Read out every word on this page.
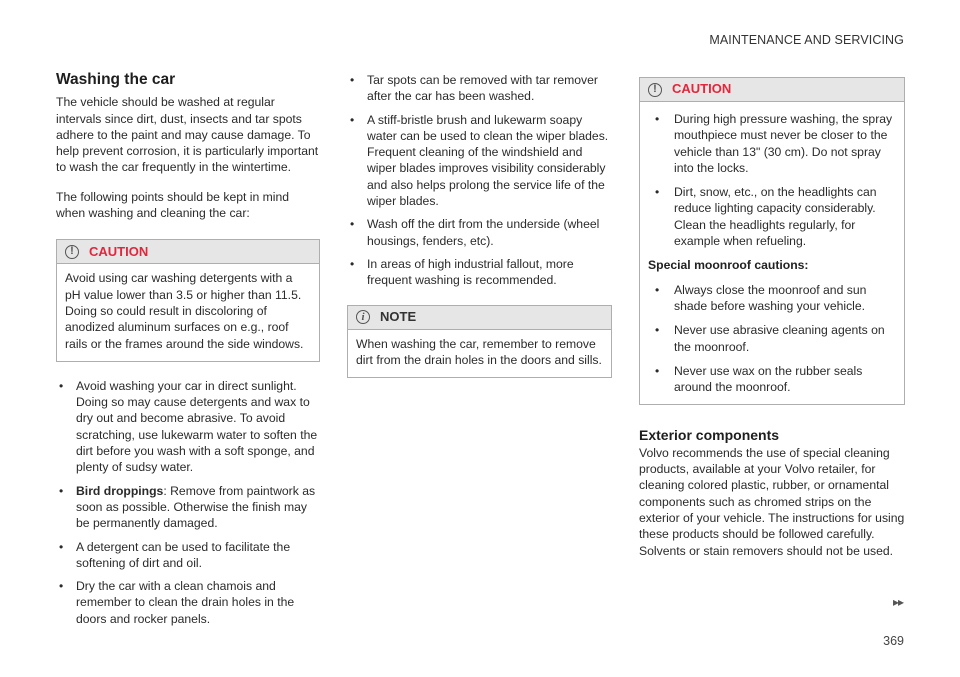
MAINTENANCE AND SERVICING
Washing the car

The vehicle should be washed at regular intervals since dirt, dust, insects and tar spots adhere to the paint and may cause damage. To help prevent corrosion, it is particularly important to wash the car frequently in the wintertime.

The following points should be kept in mind when washing and cleaning the car:

!	CAUTION
Avoid using car washing detergents with a pH value lower than 3.5 or higher than 11.5. Doing so could result in discoloring of anodized aluminum surfaces on e.g., roof rails or the frames around the side windows.
• Avoid washing your car in direct sunlight. Doing so may cause detergents and wax to dry out and become abrasive. To avoid scratching, use lukewarm water to soften the dirt before you wash with a soft sponge, and plenty of sudsy water.
• Bird droppings: Remove from paintwork as soon as possible. Otherwise the finish may be permanently damaged.
• A detergent can be used to facilitate the softening of dirt and oil.
• Dry the car with a clean chamois and remember to clean the drain holes in the doors and rocker panels.
• Tar spots can be removed with tar remover after the car has been washed.
• A stiff-bristle brush and lukewarm soapy water can be used to clean the wiper blades. Frequent cleaning of the windshield and wiper blades improves visibility considerably and also helps prolong the service life of the wiper blades.
• Wash off the dirt from the underside (wheel housings, fenders, etc).
• In areas of high industrial fallout, more frequent washing is recommended.
i	NOTE
When washing the car, remember to remove dirt from the drain holes in the doors and sills.
!	CAUTION
• During high pressure washing, the spray mouthpiece must never be closer to the vehicle than 13" (30 cm). Do not spray into the locks.
• Dirt, snow, etc., on the headlights can reduce lighting capacity considerably. Clean the headlights regularly, for example when refueling.
Special moonroof cautions:
• Always close the moonroof and sun shade before washing your vehicle.
• Never use abrasive cleaning agents on the moonroof.
• Never use wax on the rubber seals around the moonroof.
Exterior components

Volvo recommends the use of special cleaning products, available at your Volvo retailer, for cleaning colored plastic, rubber, or ornamental components such as chromed strips on the exterior of your vehicle. The instructions for using these products should be followed carefully. Solvents or stain removers should not be used.

▸▸
369
